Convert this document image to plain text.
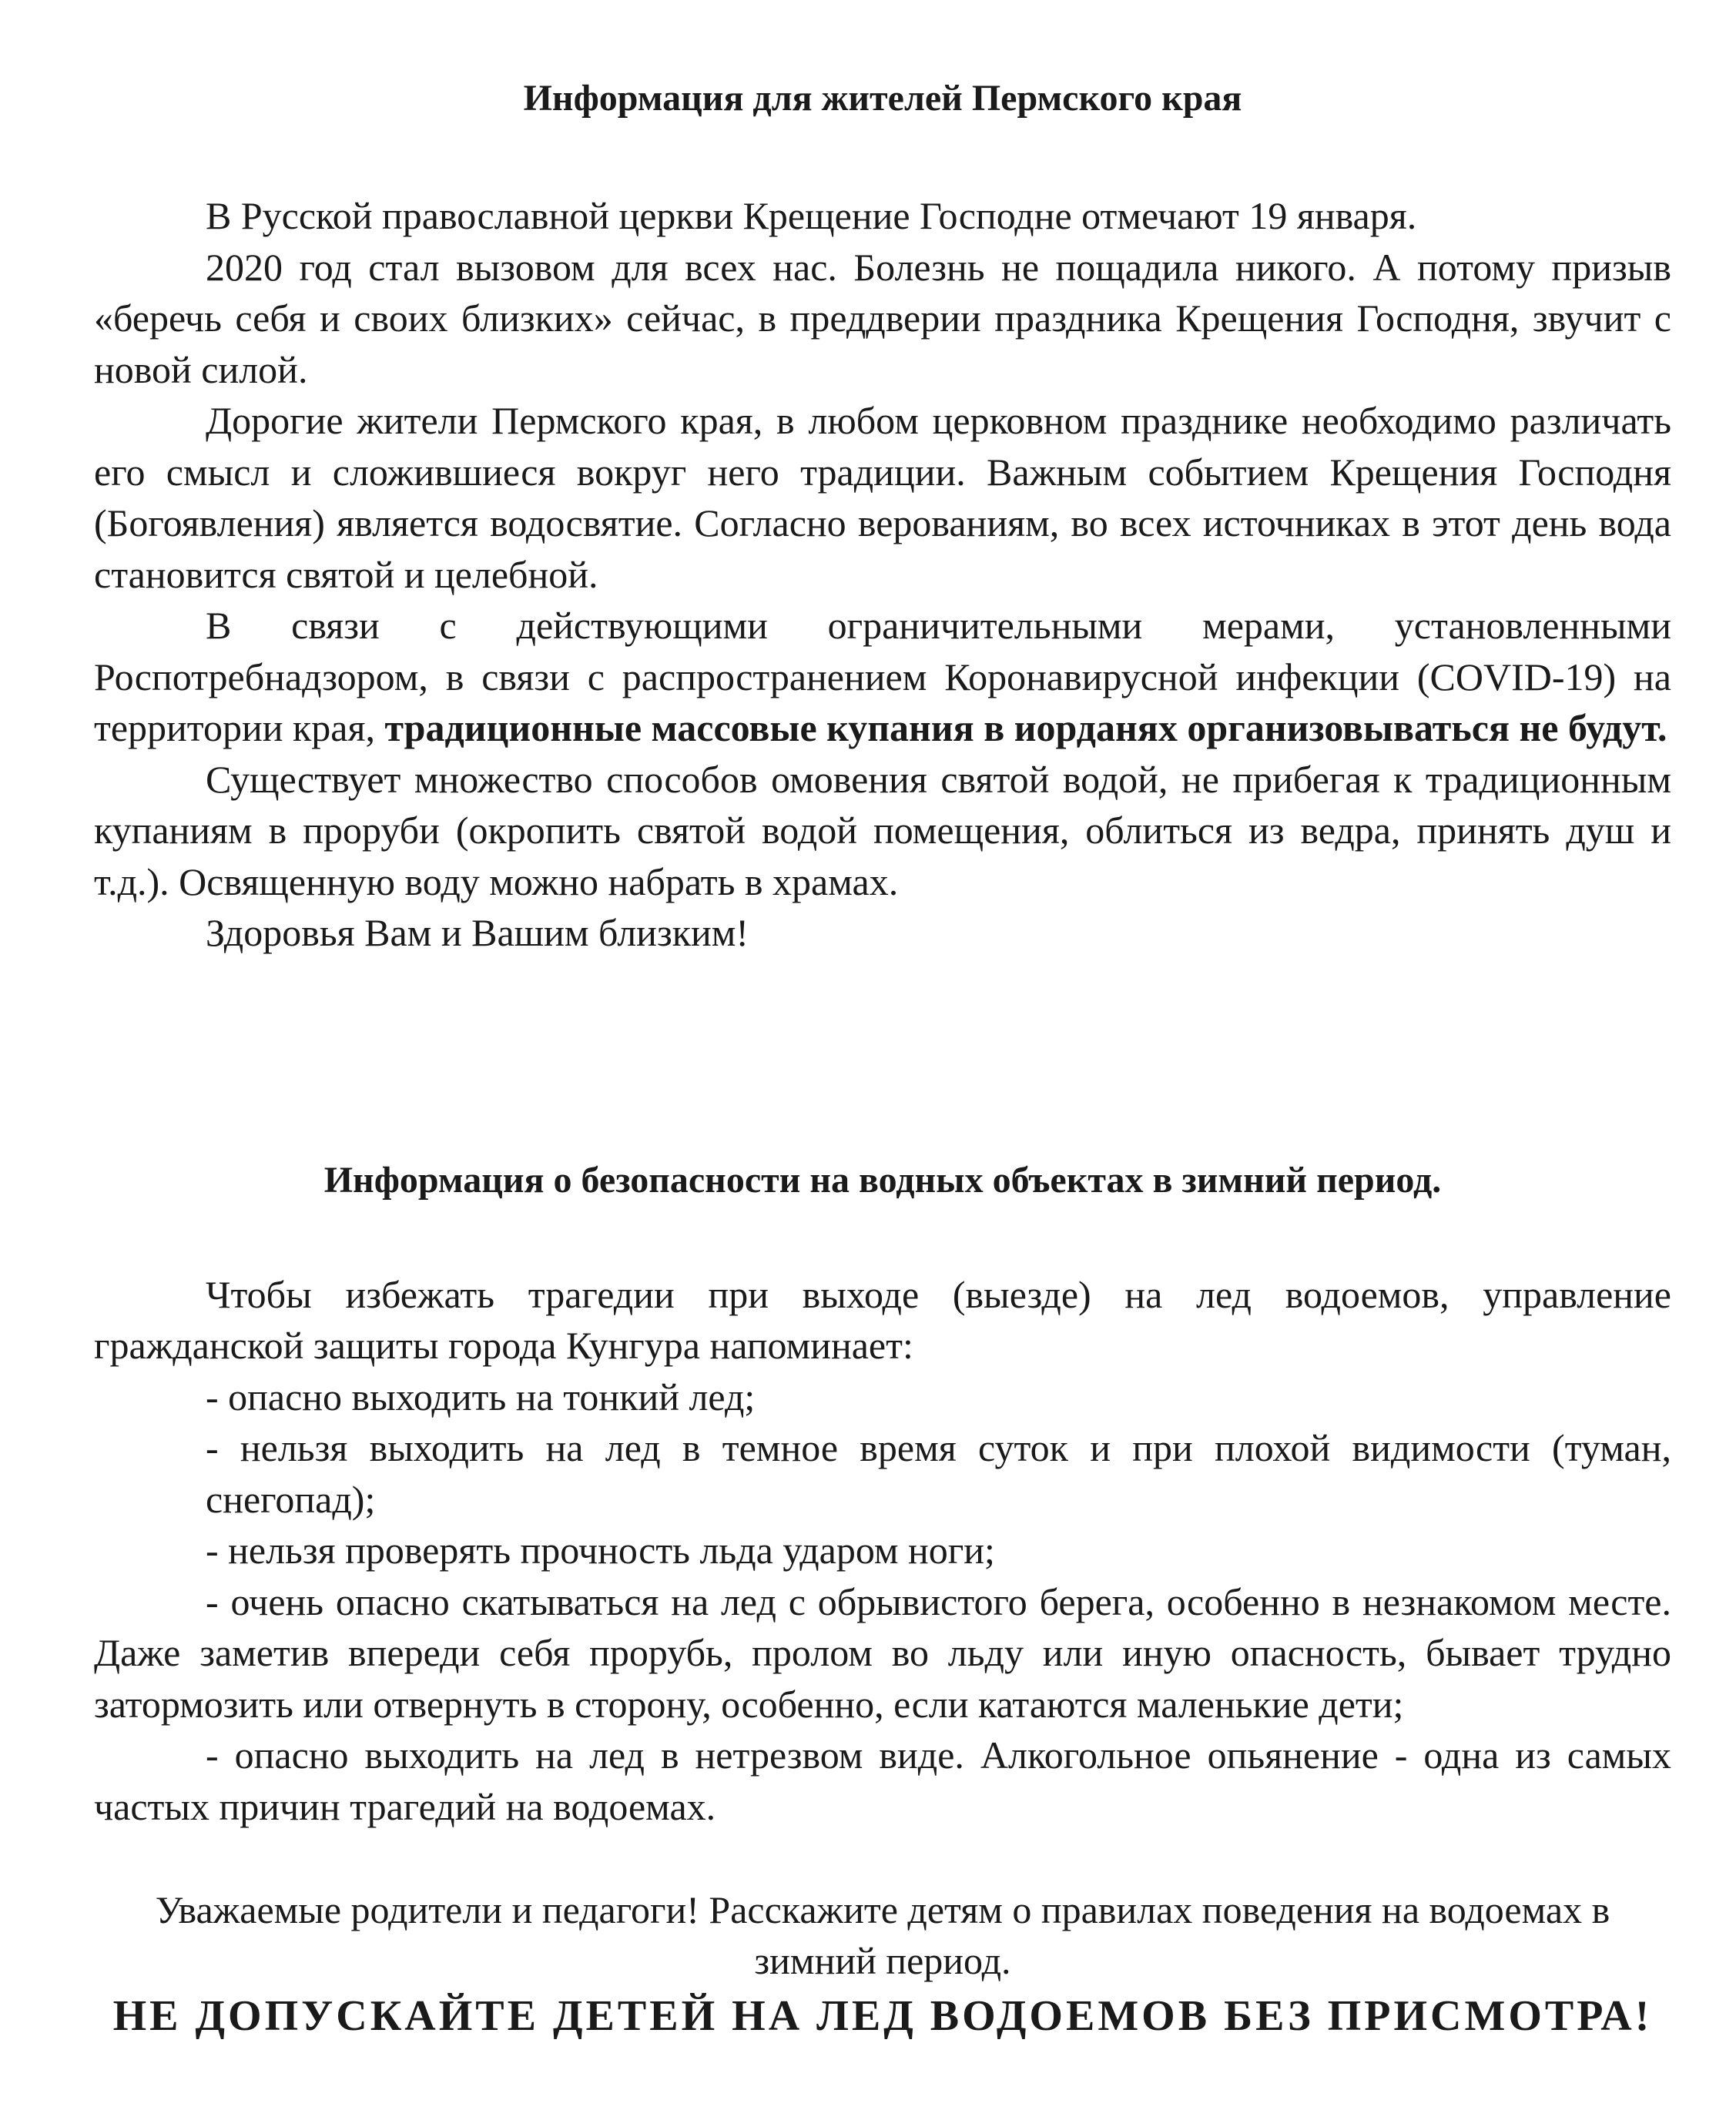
Информация для жителей Пермского края

В Русской православной церкви Крещение Господне отмечают 19 января.

2020 год стал вызовом для всех нас. Болезнь не пощадила никого. А потому призыв «беречь себя и своих близких» сейчас, в преддверии праздника Крещения Господня, звучит с новой силой.

Дорогие жители Пермского края, в любом церковном празднике необходимо различать его смысл и сложившиеся вокруг него традиции. Важным событием Крещения Господня (Богоявления) является водосвятие. Согласно верованиям, во всех источниках в этот день вода становится святой и целебной.

В связи с действующими ограничительными мерами, установленными Роспотребнадзором, в связи с распространением Коронавирусной инфекции (COVID-19) на территории края, традиционные массовые купания в иорданях организовываться не будут.

Существует множество способов омовения святой водой, не прибегая к традиционным купаниям в проруби (окропить святой водой помещения, облиться из ведра, принять душ и т.д.). Освященную воду можно набрать в храмах.

Здоровья Вам и Вашим близким!

Информация о безопасности на водных объектах в зимний период.

Чтобы избежать трагедии при выходе (выезде) на лед водоемов, управление гражданской защиты города Кунгура напоминает:

- опасно выходить на тонкий лед;

- нельзя выходить на лед в темное время суток и при плохой видимости (туман, снегопад);

- нельзя проверять прочность льда ударом ноги;

- очень опасно скатываться на лед с обрывистого берега, особенно в незнакомом месте. Даже заметив впереди себя прорубь, пролом во льду или иную опасность, бывает трудно затормозить или отвернуть в сторону, особенно, если катаются маленькие дети;

- опасно выходить на лед в нетрезвом виде. Алкогольное опьянение - одна из самых частых причин трагедий на водоемах.

Уважаемые родители и педагоги! Расскажите детям о правилах поведения на водоемах в зимний период.
НЕ ДОПУСКАЙТЕ ДЕТЕЙ НА ЛЕД ВОДОЕМОВ БЕЗ ПРИСМОТРА!
